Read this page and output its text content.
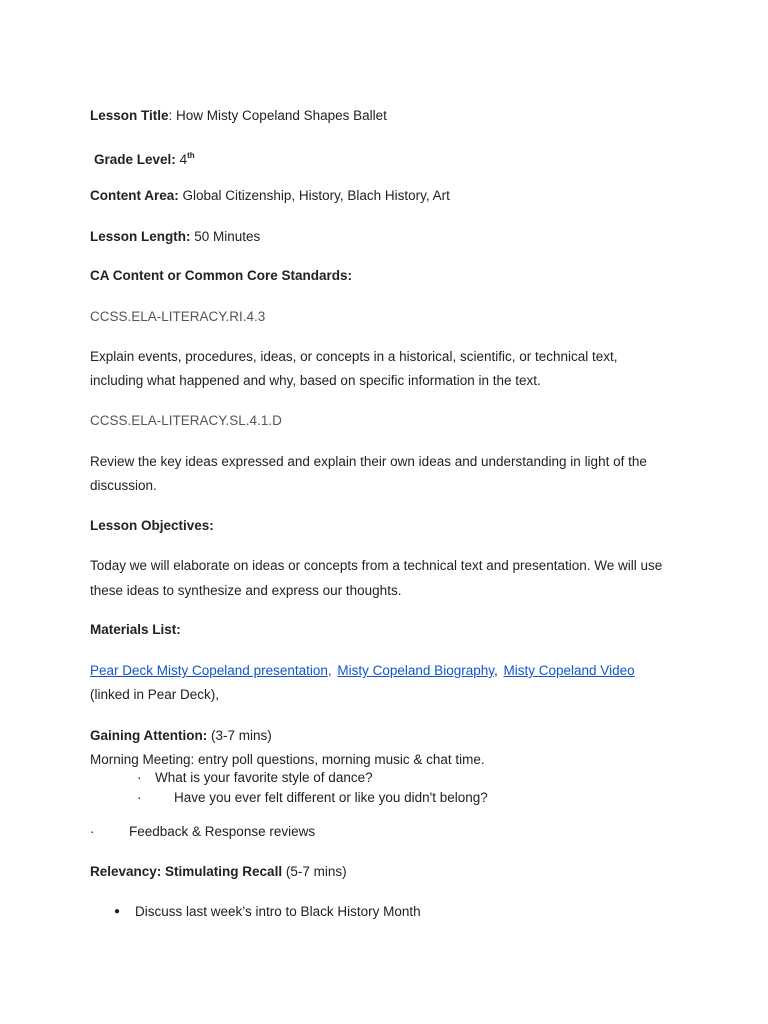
Lesson Title: How Misty Copeland Shapes Ballet
Grade Level: 4th
Content Area: Global Citizenship, History, Blach History, Art
Lesson Length: 50 Minutes
CA Content or Common Core Standards:
CCSS.ELA-LITERACY.RI.4.3
Explain events, procedures, ideas, or concepts in a historical, scientific, or technical text,
including what happened and why, based on specific information in the text.
CCSS.ELA-LITERACY.SL.4.1.D
Review the key ideas expressed and explain their own ideas and understanding in light of the
discussion.
Lesson Objectives:
Today we will elaborate on ideas or concepts from a technical text and presentation. We will use
these ideas to synthesize and express our thoughts.
Materials List:
Pear Deck Misty Copeland presentation, Misty Copeland Biography, Misty Copeland Video
(linked in Pear Deck),
Gaining Attention: (3-7 mins)
Morning Meeting: entry poll questions, morning music & chat time.
· What is your favorite style of dance?
· Have you ever felt different or like you didn't belong?
·	Feedback & Response reviews
Relevancy: Stimulating Recall (5-7 mins)
● Discuss last week’s intro to Black History Month
